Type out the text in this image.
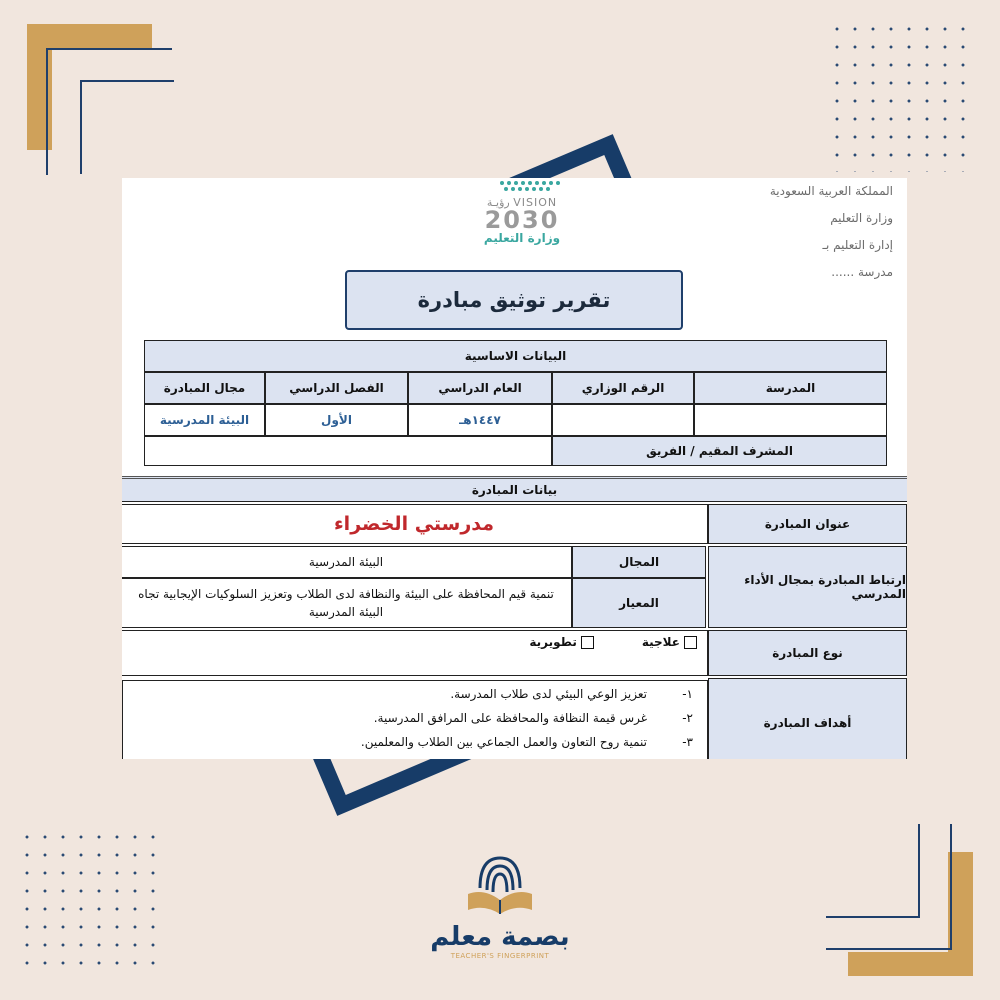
المملكة العربية السعودية
وزارة التعليم
إدارة التعليم بـ
مدرسة ......
رؤيـة VISION
2030
وزارة التعليم
تقرير توثيق مبادرة
البيانات الاساسية
المدرسة
الرقم الوزاري
العام الدراسي
الفصل الدراسي
مجال المبادرة
١٤٤٧هـ
الأول
البيئة المدرسية
المشرف المقيم / الفريق
بيانات المبادرة
عنوان المبادرة
مدرستي الخضراء
ارتباط المبادرة بمجال الأداء المدرسي
المجال
البيئة المدرسية
المعيار
تنمية قيم المحافظة على البيئة والنظافة لدى الطلاب وتعزيز السلوكيات الإيجابية تجاه البيئة المدرسية
نوع المبادرة
علاجية
تطويرية
أهداف المبادرة
١-
تعزيز الوعي البيئي لدى طلاب المدرسة.
٢-
غرس قيمة النظافة والمحافظة على المرافق المدرسية.
٣-
تنمية روح التعاون والعمل الجماعي بين الطلاب والمعلمين.
بصمة معلم
TEACHER'S FINGERPRINT
